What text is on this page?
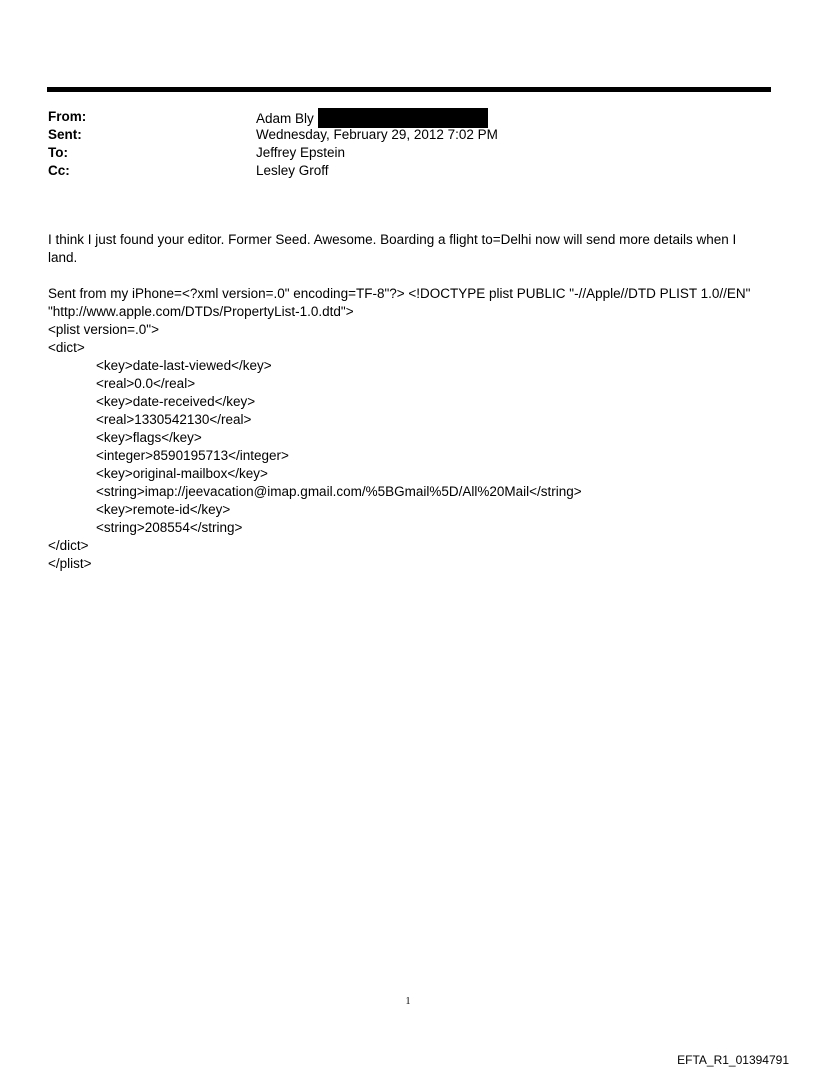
From:	Adam Bly
Sent:	Wednesday, February 29, 2012 7:02 PM
To:	Jeffrey Epstein
Cc:	Lesley Groff
I think I just found your editor. Former Seed. Awesome. Boarding a flight to=Delhi now will send more details when I
land.
Sent from my iPhone=<?xml version=.0" encoding=TF-8"?> <!DOCTYPE plist PUBLIC "-//Apple//DTD PLIST 1.0//EN"
"http://www.apple.com/DTDs/PropertyList-1.0.dtd">
<plist version=.0">
<dict>
<key>date-last-viewed</key>
<real>0.0</real>
<key>date-received</key>
<real>1330542130</real>
<key>flags</key>
<integer>8590195713</integer>
<key>original-mailbox</key>
<string>imap://jeevacation@imap.gmail.com/%5BGmail%5D/All%20Mail</string>
<key>remote-id</key>
<string>208554</string>
</dict>
</plist>
1
EFTA_R1_01394791
